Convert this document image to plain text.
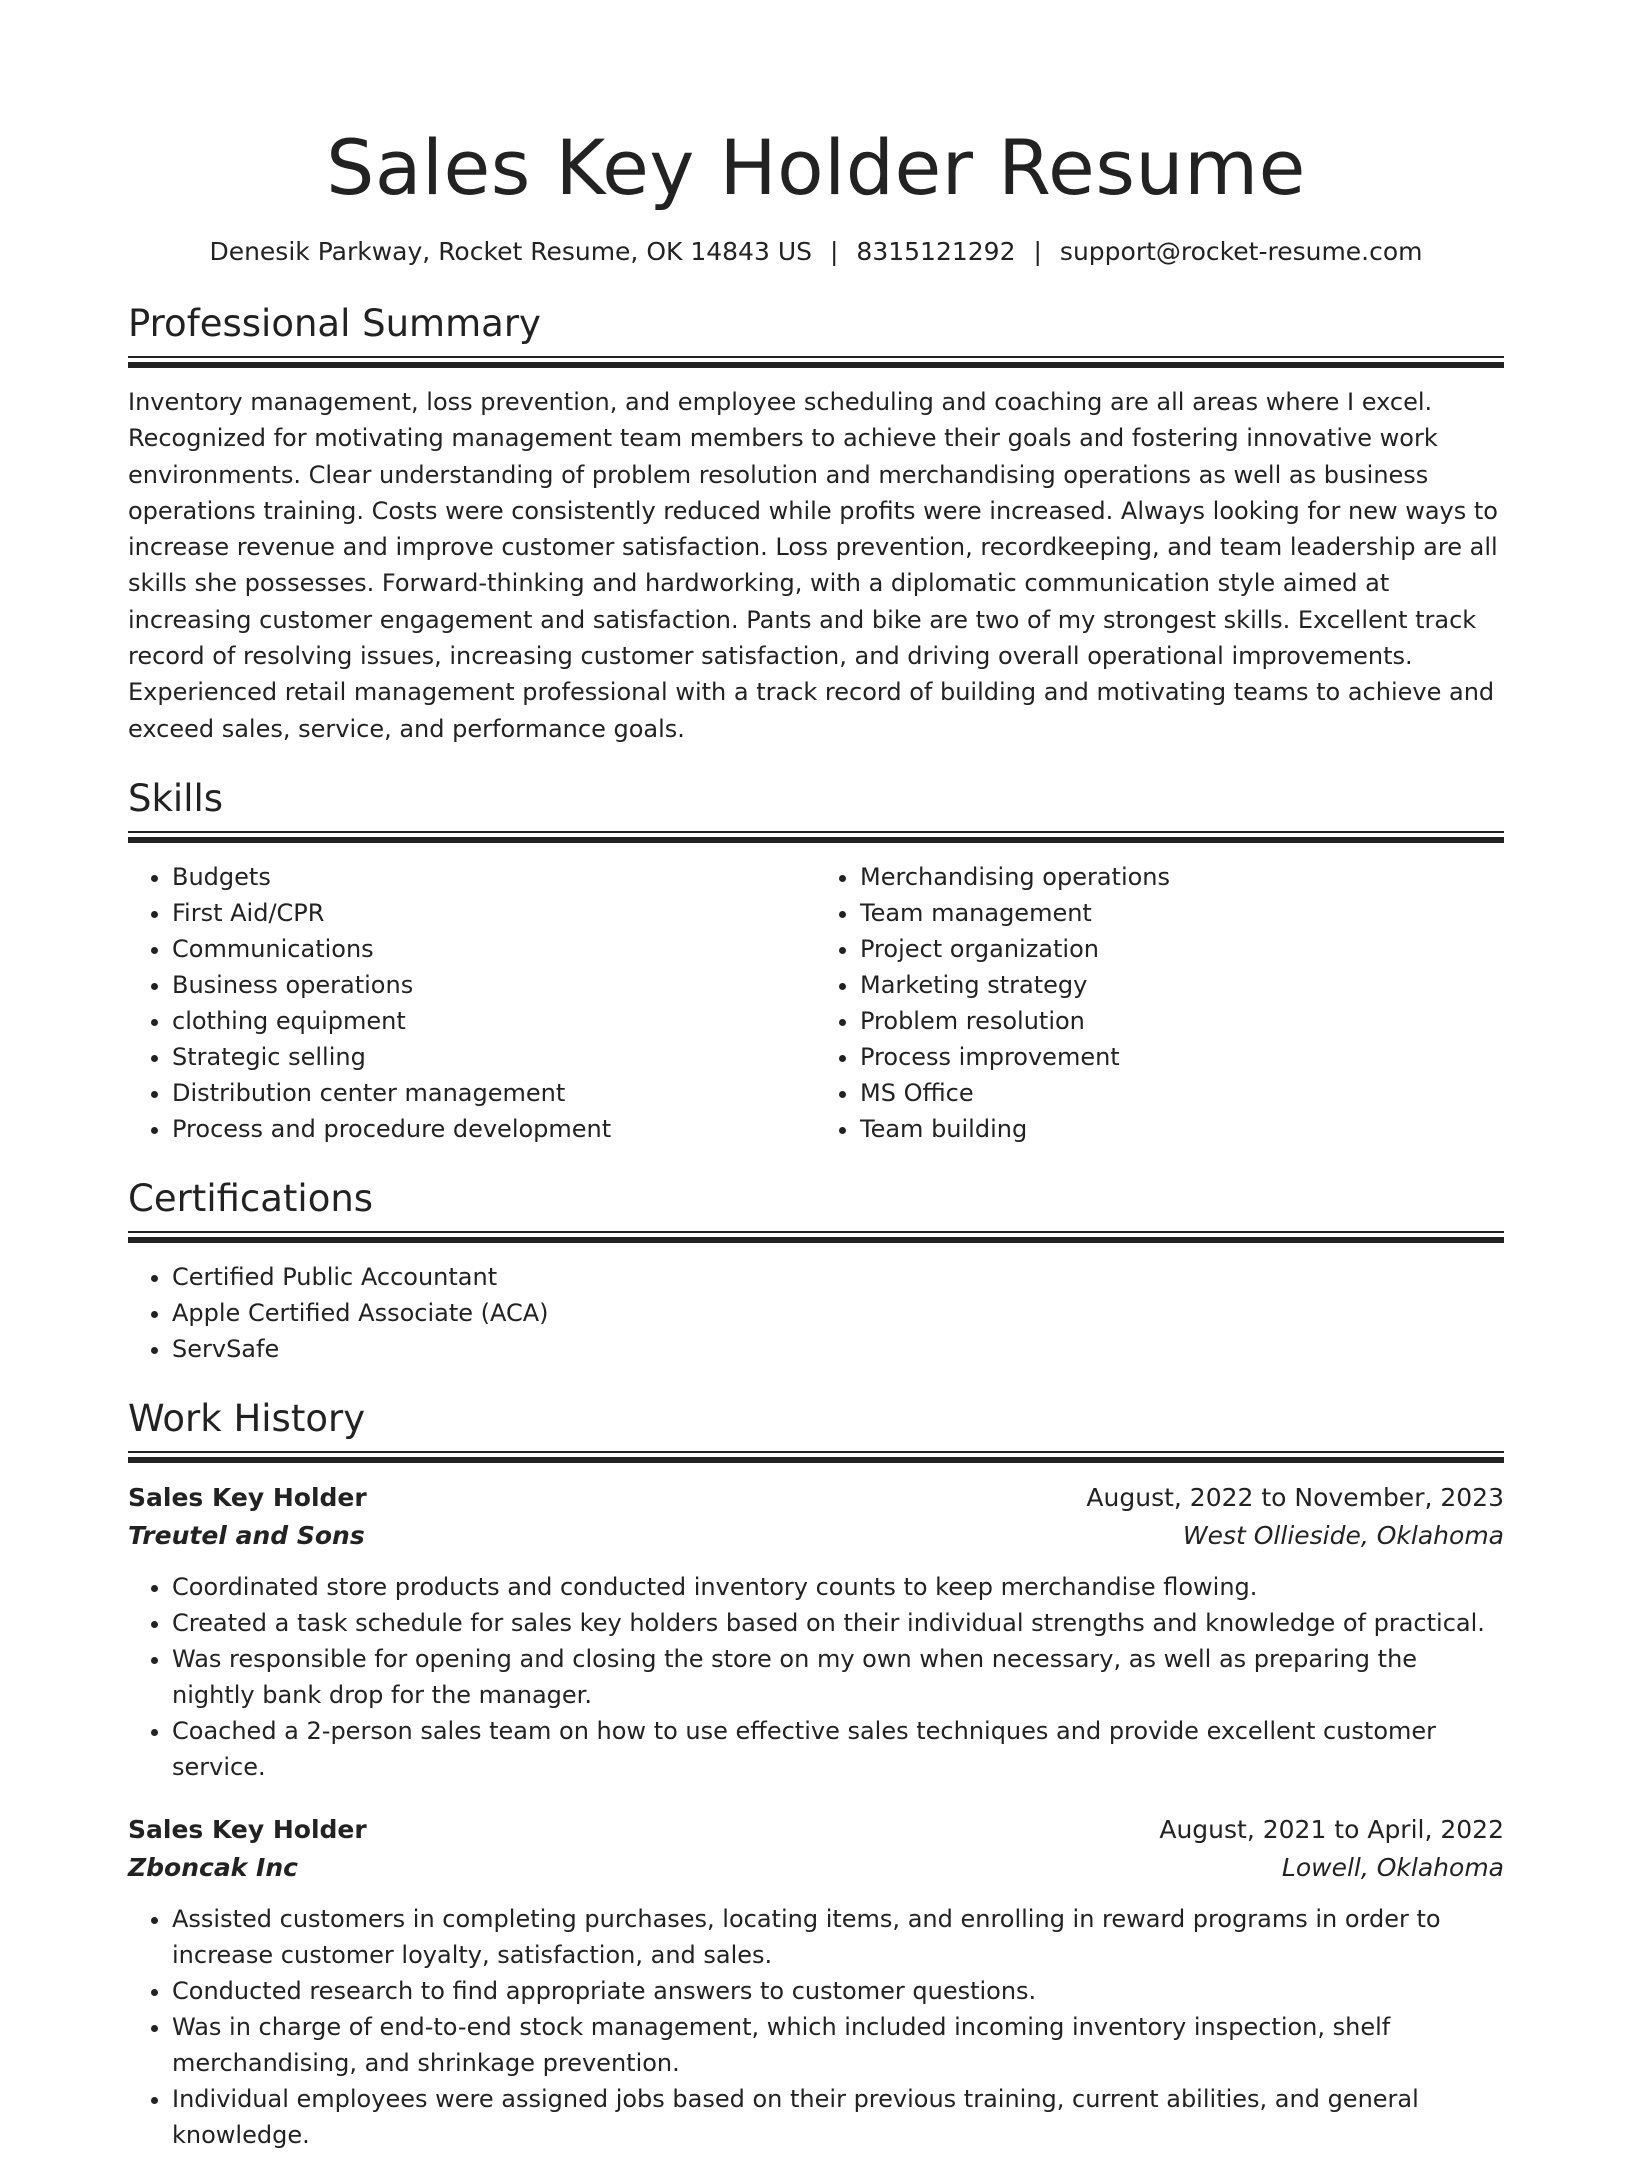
Sales Key Holder Resume
Denesik Parkway, Rocket Resume, OK 14843 US | 8315121292 | support@rocket-resume.com
Professional Summary

Inventory management, loss prevention, and employee scheduling and coaching are all areas where I excel. Recognized for motivating management team members to achieve their goals and fostering innovative work environments. Clear understanding of problem resolution and merchandising operations as well as business operations training. Costs were consistently reduced while profits were increased. Always looking for new ways to increase revenue and improve customer satisfaction. Loss prevention, recordkeeping, and team leadership are all skills she possesses. Forward-thinking and hardworking, with a diplomatic communication style aimed at increasing customer engagement and satisfaction. Pants and bike are two of my strongest skills. Excellent track record of resolving issues, increasing customer satisfaction, and driving overall operational improvements. Experienced retail management professional with a track record of building and motivating teams to achieve and exceed sales, service, and performance goals.

Skills
• Budgets
• First Aid/CPR
• Communications
• Business operations
• clothing equipment
• Strategic selling
• Distribution center management
• Process and procedure development
• Merchandising operations
• Team management
• Project organization
• Marketing strategy
• Problem resolution
• Process improvement
• MS Office
• Team building
Certifications
• Certified Public Accountant
• Apple Certified Associate (ACA)
• ServSafe
Work History
Sales Key Holder	August, 2022 to November, 2023
Treutel and Sons	West Ollieside, Oklahoma
• Coordinated store products and conducted inventory counts to keep merchandise flowing.
• Created a task schedule for sales key holders based on their individual strengths and knowledge of practical.
• Was responsible for opening and closing the store on my own when necessary, as well as preparing the nightly bank drop for the manager.
• Coached a 2-person sales team on how to use effective sales techniques and provide excellent customer service.
Sales Key Holder	August, 2021 to April, 2022
Zboncak Inc	Lowell, Oklahoma
• Assisted customers in completing purchases, locating items, and enrolling in reward programs in order to increase customer loyalty, satisfaction, and sales.
• Conducted research to find appropriate answers to customer questions.
• Was in charge of end-to-end stock management, which included incoming inventory inspection, shelf merchandising, and shrinkage prevention.
• Individual employees were assigned jobs based on their previous training, current abilities, and general knowledge.
